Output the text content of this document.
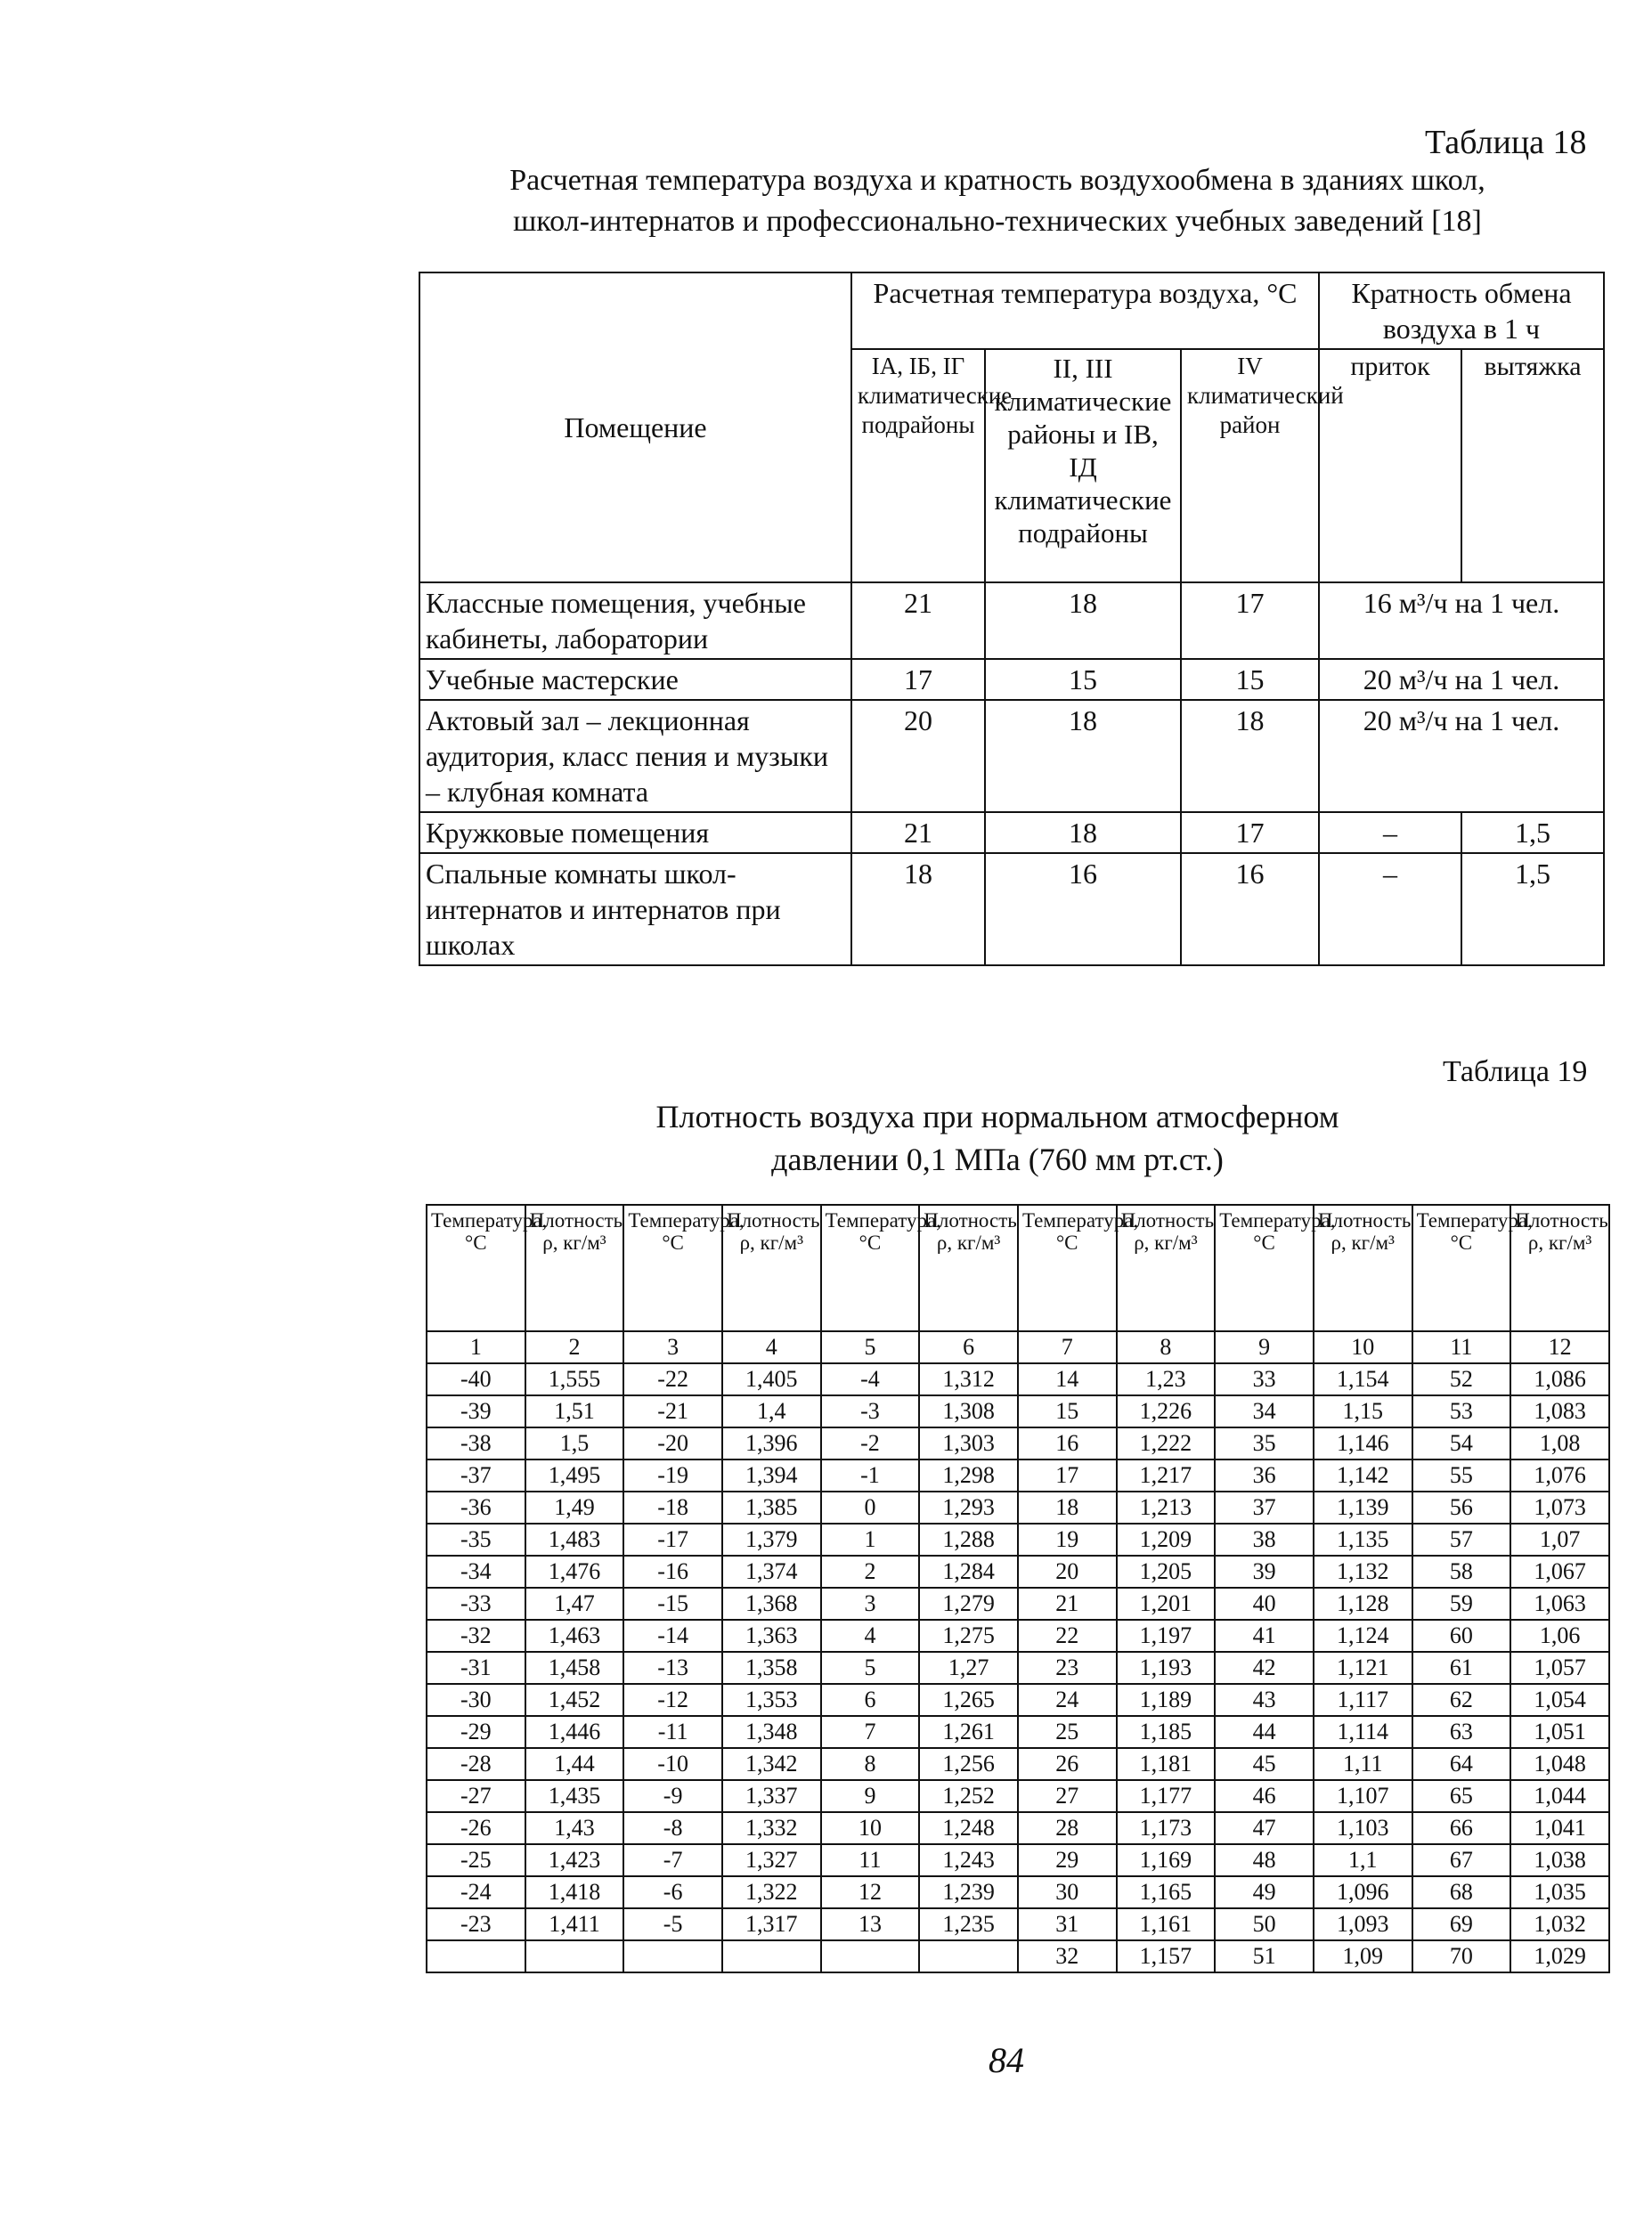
Таблица 18
Расчетная температура воздуха и кратность воздухообмена в зданиях школ,
школ-интернатов и профессионально-технических учебных заведений [18]
Помещение	Расчетная температура воздуха, °С			Кратность обмена воздуха в 1 ч	
	IА, IБ, IГ климатические подрайоны	II, III климатические районы и IВ, IД климатические подрайоны	IV климатический район	приток	вытяжка
Классные помещения, учебные кабинеты, лаборатории	21	18	17	16 м³/ч на 1 чел.	
Учебные мастерские	17	15	15	20 м³/ч на 1 чел.	
Актовый зал – лекционная аудитория, класс пения и музыки – клубная комната	20	18	18	20 м³/ч на 1 чел.	
Кружковые помещения	21	18	17	–	1,5
Спальные комнаты школ-интернатов и интернатов при школах	18	16	16	–	1,5
Таблица 19
Плотность воздуха при нормальном атмосферном
давлении 0,1 МПа (760 мм рт.ст.)
Температура, °С	Плотность ρ, кг/м³	Температура, °С	Плотность ρ, кг/м³	Температура, °С	Плотность ρ, кг/м³	Температура, °С	Плотность ρ, кг/м³	Температура, °С	Плотность ρ, кг/м³	Температура, °С	Плотность ρ, кг/м³
1	2	3	4	5	6	7	8	9	10	11	12
-40	1,555	-22	1,405	-4	1,312	14	1,23	33	1,154	52	1,086
-39	1,51	-21	1,4	-3	1,308	15	1,226	34	1,15	53	1,083
-38	1,5	-20	1,396	-2	1,303	16	1,222	35	1,146	54	1,08
-37	1,495	-19	1,394	-1	1,298	17	1,217	36	1,142	55	1,076
-36	1,49	-18	1,385	0	1,293	18	1,213	37	1,139	56	1,073
-35	1,483	-17	1,379	1	1,288	19	1,209	38	1,135	57	1,07
-34	1,476	-16	1,374	2	1,284	20	1,205	39	1,132	58	1,067
-33	1,47	-15	1,368	3	1,279	21	1,201	40	1,128	59	1,063
-32	1,463	-14	1,363	4	1,275	22	1,197	41	1,124	60	1,06
-31	1,458	-13	1,358	5	1,27	23	1,193	42	1,121	61	1,057
-30	1,452	-12	1,353	6	1,265	24	1,189	43	1,117	62	1,054
-29	1,446	-11	1,348	7	1,261	25	1,185	44	1,114	63	1,051
-28	1,44	-10	1,342	8	1,256	26	1,181	45	1,11	64	1,048
-27	1,435	-9	1,337	9	1,252	27	1,177	46	1,107	65	1,044
-26	1,43	-8	1,332	10	1,248	28	1,173	47	1,103	66	1,041
-25	1,423	-7	1,327	11	1,243	29	1,169	48	1,1	67	1,038
-24	1,418	-6	1,322	12	1,239	30	1,165	49	1,096	68	1,035
-23	1,411	-5	1,317	13	1,235	31	1,161	50	1,093	69	1,032
						32	1,157	51	1,09	70	1,029
84
